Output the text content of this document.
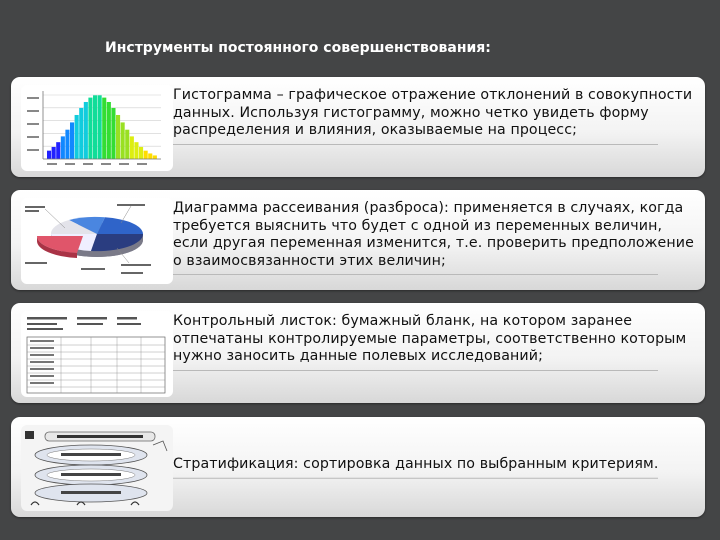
Инструменты постоянного совершенствования:
Гистограмма – графическое отражение отклонений в совокупности данных. Используя гистограмму, можно четко увидеть форму распределения и влияния, оказываемые на процесс;
Диаграмма рассеивания (разброса): применяется в случаях, когда требуется выяснить что будет с одной из переменных величин, если другая переменная изменится, т.е. проверить предположение о взаимосвязанности этих величин;
Контрольный листок: бумажный бланк, на котором заранее отпечатаны контролируемые параметры, соответственно которым нужно заносить данные полевых исследований;
Стратификация: сортировка данных по выбранным критериям.
